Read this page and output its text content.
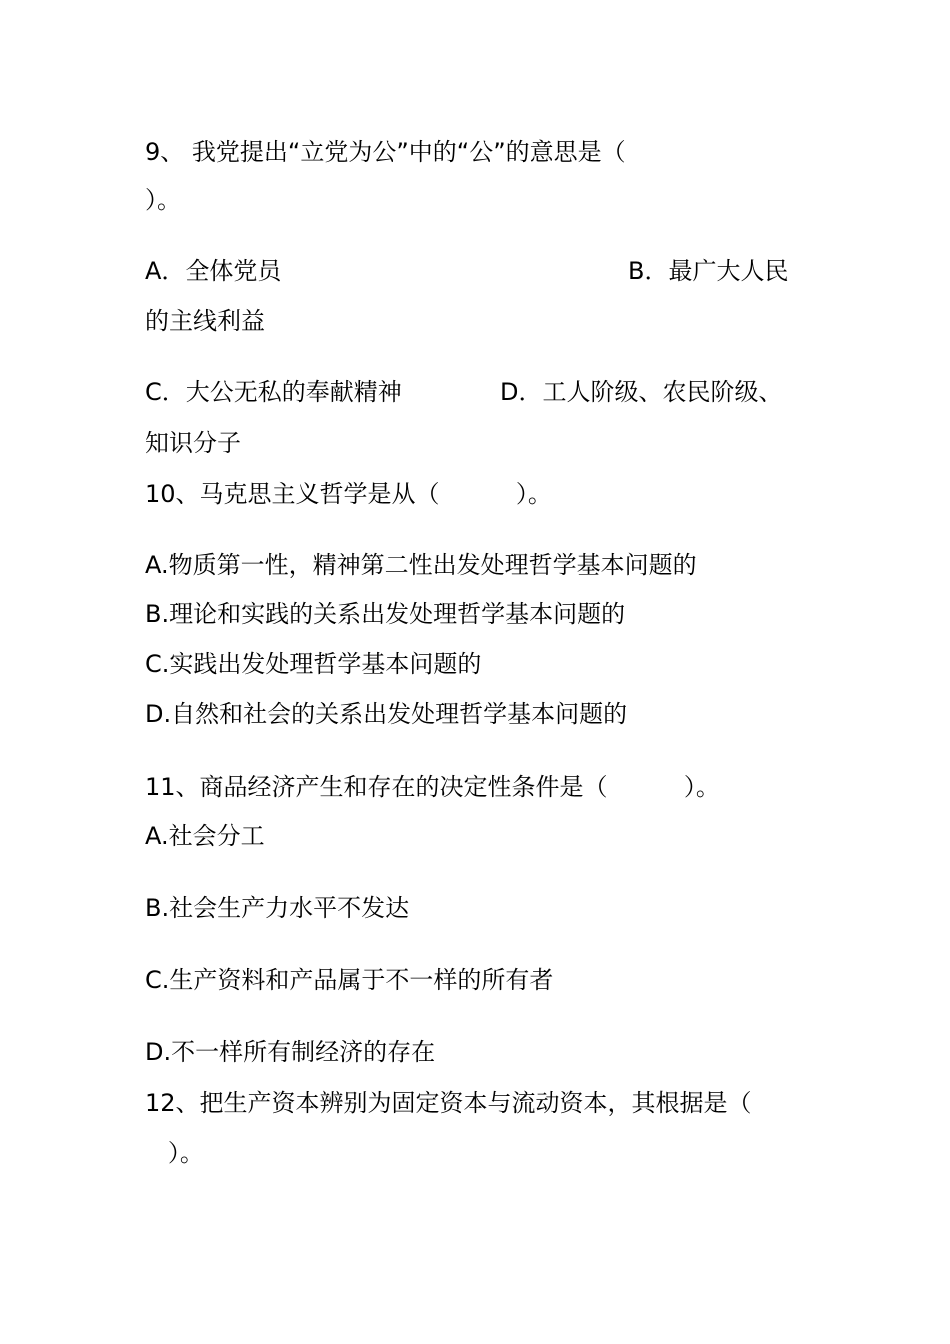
9、 我党提出“立党为公”中的“公”的意思是（
）。
A．全体党员	B．最广大人民
的主线利益
C．大公无私的奉献精神	D．工人阶级、农民阶级、
知识分子
10、马克思主义哲学是从（          ）。
A.物质第一性，精神第二性出发处理哲学基本问题的
B.理论和实践的关系出发处理哲学基本问题的
C.实践出发处理哲学基本问题的
D.自然和社会的关系出发处理哲学基本问题的
11、商品经济产生和存在的决定性条件是（          ）。
A.社会分工
B.社会生产力水平不发达
C.生产资料和产品属于不一样的所有者
D.不一样所有制经济的存在
12、把生产资本辨别为固定资本与流动资本，其根据是（
）。
